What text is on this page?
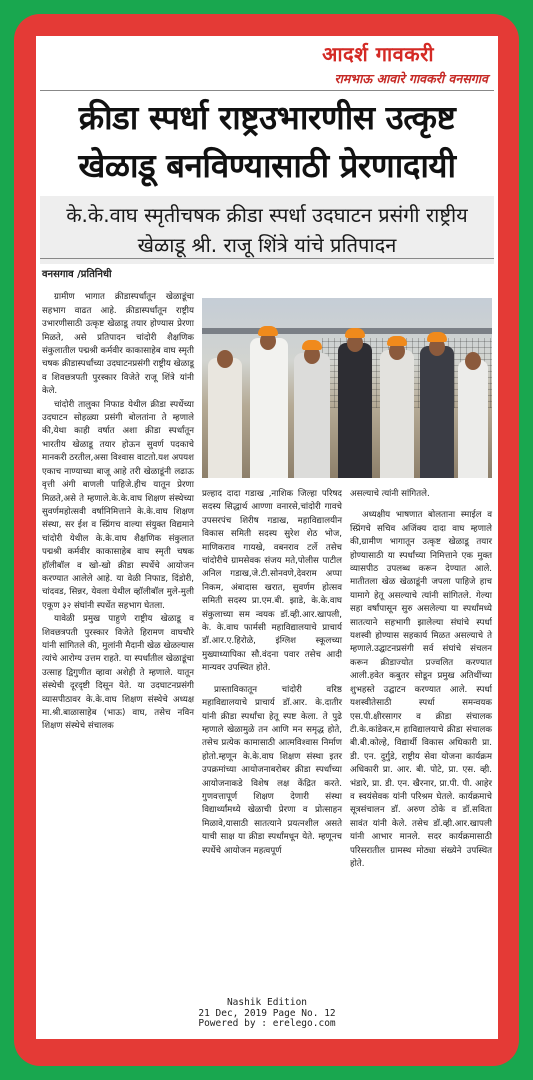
आदर्श गावकरी
रामभाऊ आवारे गावकरी वनसगाव
क्रीडा स्पर्धा राष्ट्रउभारणीस उत्कृष्ट खेळाडू बनविण्यासाठी प्रेरणादायी
के.के.वाघ स्मृतीचषक क्रीडा स्पर्धा उदघाटन प्रसंगी राष्ट्रीय खेळाडू श्री. राजू शिंत्रे यांचे प्रतिपादन
वनसगाव /प्रतिनिधी

ग्रामीण भागात क्रीडास्पर्धांतून खेळाडूंचा सहभाग वाढत आहे. क्रीडास्पर्धांतून राष्ट्रीय उभारणीसाठी उत्कृष्ट खेळाडू तयार होण्यास प्रेरणा मिळते, असे प्रतिपादन चांदोरी शैक्षणिक संकुलातील पद्मश्री कर्मवीर काकासाहेब वाघ स्मृती चषक क्रीडास्पर्धांच्या उदघाटनप्रसंगी राष्ट्रीय खेळाडू व शिवछत्रपती पुरस्कार विजेते राजू शिंत्रे यांनी केले.

चांदोरी तालुका निफाड येथील क्रीडा स्पर्धेच्या उदघाटन सोहळ्या प्रसंगी बोलतांना ते म्हणाले की,येथा काही वर्षात अशा क्रीडा स्पर्धांतून भारतीय खेळाडू तयार होऊन सुवर्ण पदकाचे मानकरी ठरतील,असा विश्वास वाटतो.यश अपयश एकाच नाण्याच्या बाजू आहे तरी खेळाडूंनी लढाऊ वृत्ती अंगी बाणली पाहिजे.हीच यातून प्रेरणा मिळते,असे ते म्हणाले.के.के.वाघ शिक्षण संस्थेच्या सुवर्णमहोत्सवी वर्षानिमित्ताने के.के.वाघ शिक्षण संस्था, सर ईश व स्प्रिंगच वाल्या संयुक्त विद्यमाने चांदोरी येथील के.के.वाघ शैक्षणिक संकुलात पद्मश्री कर्मवीर काकासाहेब वाघ स्मृती चषक हॉलीबॉल व खो-खो क्रीडा स्पर्धेचे आयोजन करण्यात आलेले आहे. या वेळी निफाड, दिंडोरी, चांदवड, सिन्नर, येवला येथील व्हॉलीबॉल मुले-मुली एकूण ३२ संघांनी स्पर्धेत सहभाग घेतला.

यावेळी प्रमुख पाहुणे राष्ट्रीय खेळाडू व शिवछत्रपती पुरस्कार विजेते हिरामण वाघचौरे यांनी सांगितले की, मुलांनी मैदानी खेळ खेळल्यास त्यांचे आरोग्य उत्तम राहते. या स्पर्धांतील खेळाडूंचा उत्साह द्विगुणीत व्हावा अशेही ते म्हणाले. यातून संस्थेची दूरदृष्टी दिसून येते. या उदघाटनप्रसंगी व्यासपीठावर के.के.वाघ शिक्षण संस्थेचे अध्यक्ष मा.श्री.बाळासाहेब (भाऊ) वाघ, तसेच नविन शिक्षण संस्थेचे संचालक

प्रल्हाद दादा गडाख ,नाशिक जिल्हा परिषद सदस्य सिद्धार्थ आण्णा वनारसे,चांदोरी गावचे उपसरपंच शिरीष गडाख, महाविद्यालयीन विकास समिती सदस्य सुरेश शेठ भोज, माणिकराव गायखे, वबनराव टर्ले तसेच चांदोरीचे ग्रामसेवक संजय मते,पोलीस पाटील अनिल गडाख,जे.टी.सोनवणे,देवराम अप्पा निकम, अंबादास खरात, सुवर्णम होत्सव समिती सदस्य प्रा.एम.बी. झाडे, के.के.वाघ संकुलाच्या सम न्वयक डॉ.व्ही.आर.खापली, के. के.वाघ फार्मसी महाविद्यालयाचे प्राचार्य डॉ.आर.ए.हिरोळे, इंग्लिश स्कूलच्या मुख्याध्यापिका सौ.वंदना पवार तसेच आदी मान्यवर उपस्थित होते.

प्रास्ताविकातून चांदोरी वरिष्ठ महाविद्यालयाचे प्राचार्य डॉ.आर. के.दातीर यांनी क्रीडा स्पर्धांचा हेतू स्पष्ट केला. ते पुढे म्हणाले खेळामुळे तन आणि मन समृद्ध होते, तसेच प्रत्येक कामासाठी आत्मविश्वास निर्माण होतो.म्हणून के.के.वाघ शिक्षण संस्था इतर उपक्रमांच्या आयोजनाबरोबर क्रीडा स्पर्धांच्या आयोजनाकडे विशेष लक्ष केंद्रित करते. गुणवत्तापूर्ण शिक्षण देणारी संस्था विद्यार्थ्यांमध्ये खेळाची प्रेरणा व प्रोत्साहन मिळावे,यासाठी सातत्याने प्रयत्नशील असते याची साक्ष या क्रीडा स्पर्धांमधून येते. म्हणूनच स्पर्धेचे आयोजन महत्वपूर्ण

असल्याचे त्यांनी सांगितले.

अध्यक्षीय भाषणात बोलताना स्माईल व स्प्रिंगचे सचिव अजिंक्य दादा वाघ म्हणाले की,ग्रामीण भागातून उत्कृष्ट खेळाडू तयार होण्यासाठी या स्पर्धांच्या निमित्ताने एक मुक्त व्यासपीठ उपलब्ध करून देण्यात आले. मातीतला खेळ खेळाडूंनी जपला पाहिजे हाच यामागे हेतू असल्याचे त्यांनी सांगितले. गेल्या सहा वर्षांपासून सुरु असलेल्या या स्पर्धांमध्ये सातत्याने सहभागी झालेल्या संघांचे स्पर्धा यशस्वी होण्यास सहकार्य मिळत असल्याचे ते म्हणाले.उद्घाटनप्रसंगी सर्व संघांचे संचलन करून क्रीडाज्योत प्रज्वलित करण्यात आली.हवेत कबुतर सोडून प्रमुख अतिथींच्या शुभहस्ते उद्घाटन करण्यात आले. स्पर्धा यशस्वीतेसाठी स्पर्धा समन्वयक एस.पी.क्षीरसागर व क्रीडा संचालक टी.के.कांडेकर,म हाविद्यालयाचे क्रीडा संचालक बी.बी.कोल्हे, विद्यार्थी विकास अधिकारी प्रा. डी. एन. दुर्गुडे, राष्ट्रीय सेवा योजना कार्यक्रम अधिकारी प्रा. आर. बी. पोटे, प्रा. एस. व्ही. भंडारे, प्रा. डी. एन. खैरनार, प्रा.पी. पी. आहेर व स्वयंसेवक यांनी परिश्रम घेतले. कार्यक्रमाचे सूत्रसंचालन डॉ. अरुण ठोके व डॉ.सविता सावंत यांनी केले. तसेच डॉ.व्ही.आर.खापली यांनी आभार मानले. सदर कार्यक्रमासाठी परिसरातील ग्रामस्थ मोठ्या संख्येने उपस्थित होते.

Nashik Edition
21 Dec, 2019 Page No. 12
Powered by : erelego.com
